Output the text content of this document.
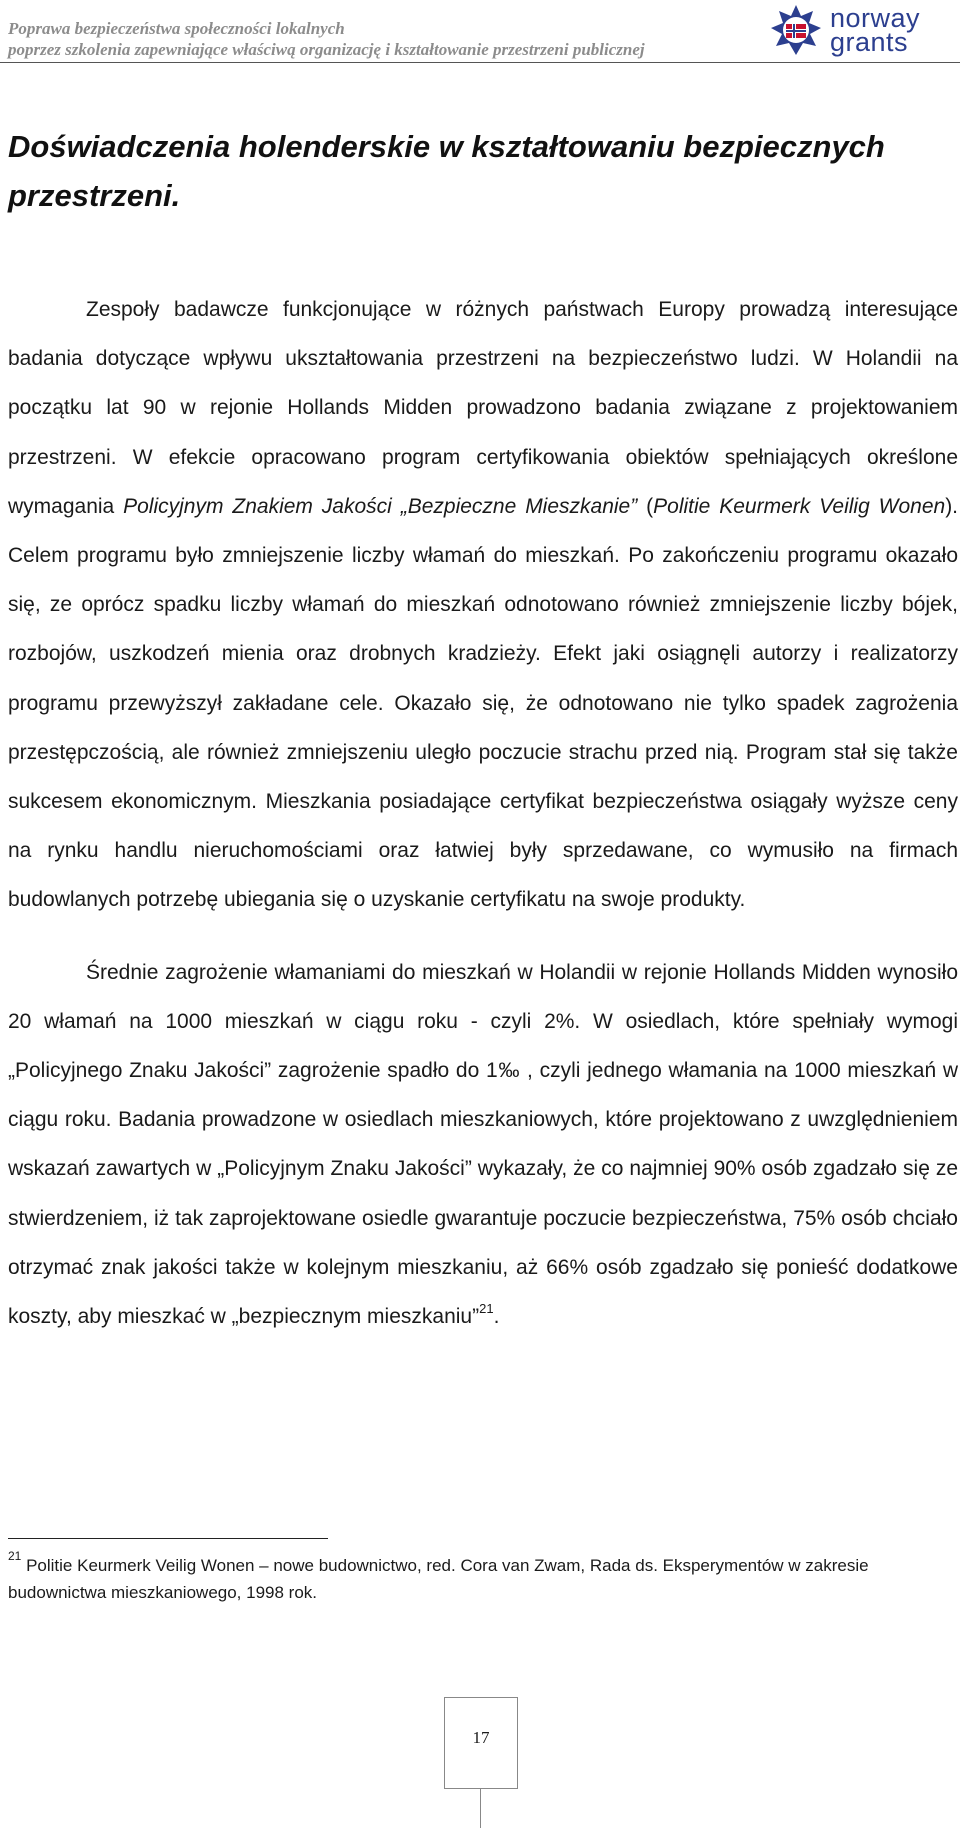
Poprawa bezpieczeństwa społeczności lokalnych
poprzez szkolenia zapewniające właściwą organizację i kształtowanie przestrzeni publicznej
norway
grants
Doświadczenia holenderskie w kształtowaniu bezpiecznych przestrzeni.

Zespoły badawcze funkcjonujące w różnych państwach Europy prowadzą interesujące badania dotyczące wpływu ukształtowania przestrzeni na bezpieczeństwo ludzi. W Holandii na początku lat 90 w rejonie Hollands Midden prowadzono badania związane z projektowaniem przestrzeni. W efekcie opracowano program certyfikowania obiektów spełniających określone wymagania Policyjnym Znakiem Jakości „Bezpieczne Mieszkanie” (Politie Keurmerk Veilig Wonen). Celem programu było zmniejszenie liczby włamań do mieszkań. Po zakończeniu programu okazało się, ze oprócz spadku liczby włamań do mieszkań odnotowano również zmniejszenie liczby bójek, rozbojów, uszkodzeń mienia oraz drobnych kradzieży. Efekt jaki osiągnęli autorzy i realizatorzy programu przewyższył zakładane cele. Okazało się, że odnotowano nie tylko spadek zagrożenia przestępczością, ale również zmniejszeniu uległo poczucie strachu przed nią. Program stał się także sukcesem ekonomicznym. Mieszkania posiadające certyfikat bezpieczeństwa osiągały wyższe ceny na rynku handlu nieruchomościami oraz łatwiej były sprzedawane, co wymusiło na firmach budowlanych potrzebę ubiegania się o uzyskanie certyfikatu na swoje produkty.

Średnie zagrożenie włamaniami do mieszkań w Holandii w rejonie Hollands Midden wynosiło 20 włamań na 1000 mieszkań w ciągu roku - czyli 2%. W osiedlach, które spełniały wymogi „Policyjnego Znaku Jakości” zagrożenie spadło do 1‰ , czyli jednego włamania na 1000 mieszkań w ciągu roku. Badania prowadzone w osiedlach mieszkaniowych, które projektowano z uwzględnieniem wskazań zawartych w „Policyjnym Znaku Jakości” wykazały, że co najmniej 90% osób zgadzało się ze stwierdzeniem, iż tak zaprojektowane osiedle gwarantuje poczucie bezpieczeństwa, 75% osób chciało otrzymać znak jakości także w kolejnym mieszkaniu, aż 66% osób zgadzało się ponieść dodatkowe koszty, aby mieszkać w „bezpiecznym mieszkaniu”$^{21}$.

$^{21}$ Politie Keurmerk Veilig Wonen – nowe budownictwo, red. Cora van Zwam, Rada ds. Eksperymentów w zakresie budownictwa mieszkaniowego, 1998 rok.
17
